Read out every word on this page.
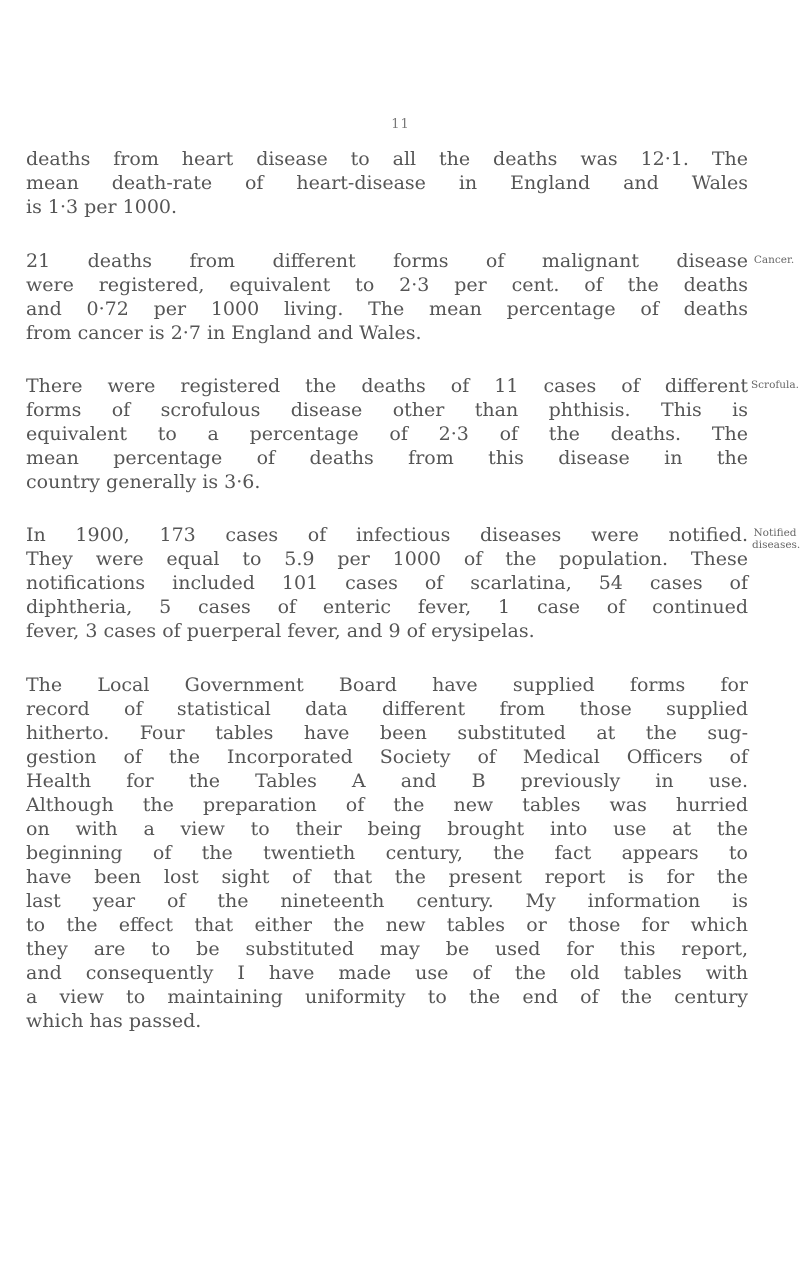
11
deaths from heart disease to all the deaths was 12·1. The
mean death-rate of heart-disease in England and Wales
is 1·3 per 1000.
21 deaths from different forms of malignant disease
were registered, equivalent to 2·3 per cent. of the deaths
and 0·72 per 1000 living. The mean percentage of deaths
from cancer is 2·7 in England and Wales.
There were registered the deaths of 11 cases of different
forms of scrofulous disease other than phthisis. This is
equivalent to a percentage of 2·3 of the deaths. The
mean percentage of deaths from this disease in the
country generally is 3·6.
In 1900, 173 cases of infectious diseases were notified.
They were equal to 5.9 per 1000 of the population. These
notifications included 101 cases of scarlatina, 54 cases of
diphtheria, 5 cases of enteric fever, 1 case of continued
fever, 3 cases of puerperal fever, and 9 of erysipelas.
The Local Government Board have supplied forms for
record of statistical data different from those supplied
hitherto. Four tables have been substituted at the sug-
gestion of the Incorporated Society of Medical Officers of
Health for the Tables A and B previously in use.
Although the preparation of the new tables was hurried
on with a view to their being brought into use at the
beginning of the twentieth century, the fact appears to
have been lost sight of that the present report is for the
last year of the nineteenth century. My information is
to the effect that either the new tables or those for which
they are to be substituted may be used for this report,
and consequently I have made use of the old tables with
a view to maintaining uniformity to the end of the century
which has passed.
Cancer.
Scrofula.
Notified
diseases.
